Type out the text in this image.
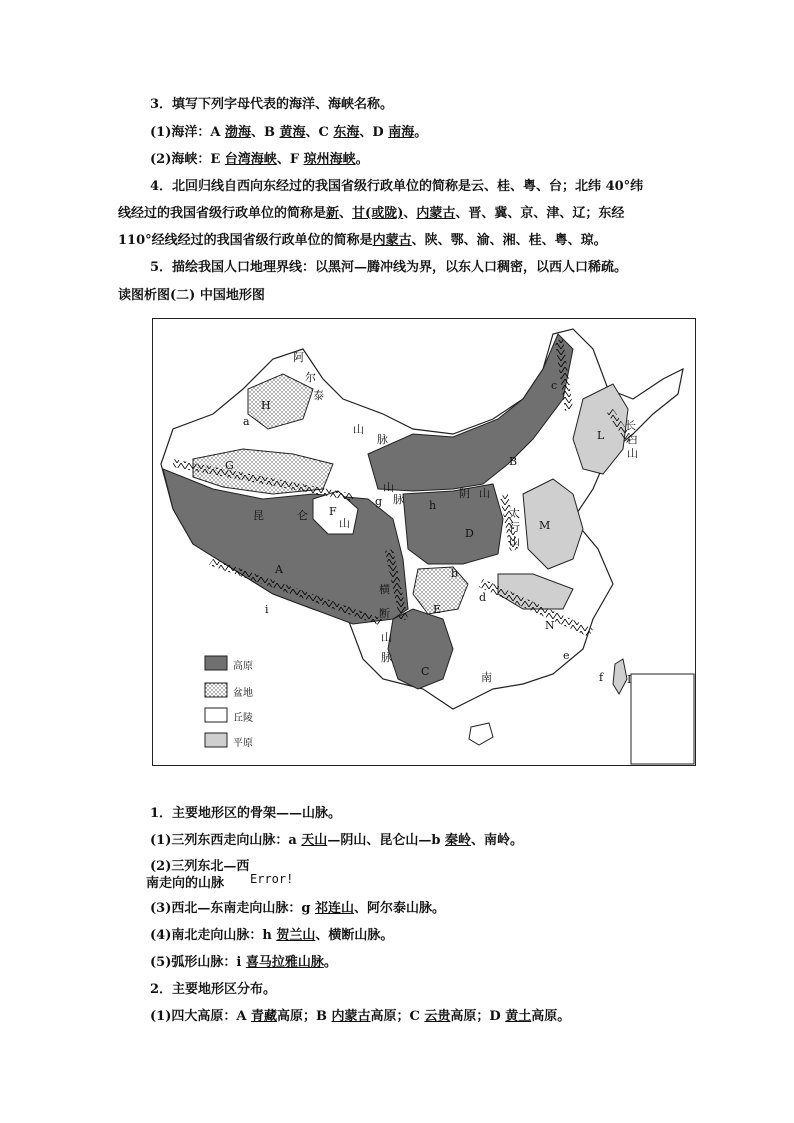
3．填写下列字母代表的海洋、海峡名称。
(1)海洋：A 渤海、B 黄海、C 东海、D 南海。
(2)海峡：E 台湾海峡、F 琼州海峡。
4．北回归线自西向东经过的我国省级行政单位的简称是云、桂、粤、台；北纬 40°纬
线经过的我国省级行政单位的简称是新、甘(或陇)、内蒙古、晋、冀、京、津、辽；东经
110°经线经过的我国省级行政单位的简称是内蒙古、陕、鄂、渝、湘、桂、粤、琼。
5．描绘我国人口地理界线：以黑河—腾冲线为界，以东人口稠密，以西人口稀疏。
读图析图(二) 中国地形图
阿
尔
泰
山
脉
H
a
G
山
脉
B
c
L
长
白
山
阴 山
太
行
山
h
昆	仑
山
g
F
D
M
A	b
横
断
山
脉
E
d
N
i
C	南
e
f I
高原
盆地
丘陵
平原
1．主要地形区的骨架——山脉。
(1)三列东西走向山脉：a 天山—阴山、昆仑山—b 秦岭、南岭。
(2)三列东北—西
Error!
南走向的山脉
(3)西北—东南走向山脉：g 祁连山、阿尔泰山脉。
(4)南北走向山脉：h 贺兰山、横断山脉。
(5)弧形山脉：i 喜马拉雅山脉。
2．主要地形区分布。
(1)四大高原：A 青藏高原；B 内蒙古高原；C 云贵高原；D 黄土高原。
